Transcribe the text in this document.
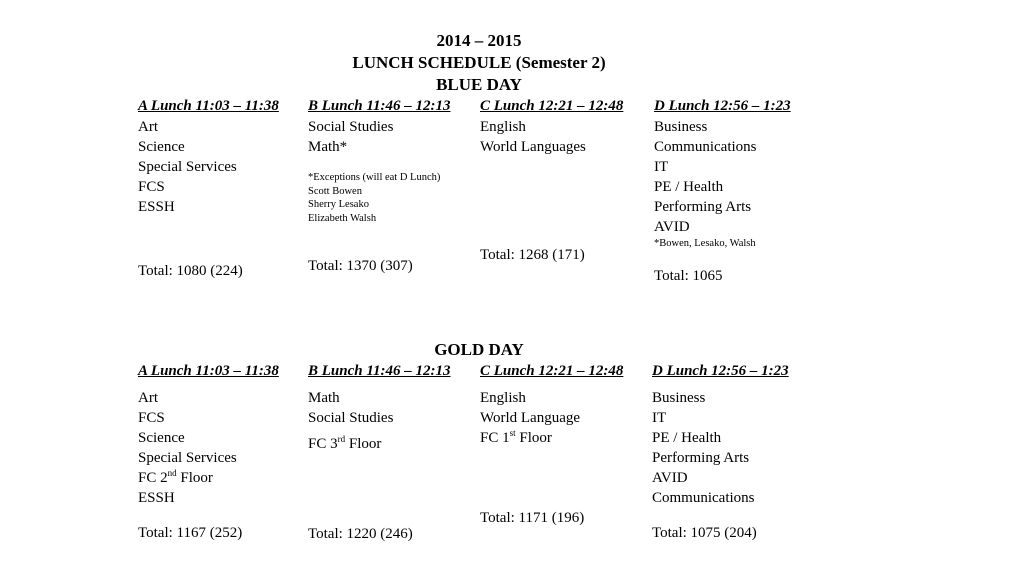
2014 – 2015
LUNCH SCHEDULE (Semester 2)
BLUE DAY
A Lunch 11:03 – 11:38 B Lunch 11:46 – 12:13 C Lunch 12:21 – 12:48 D Lunch 12:56 – 1:23
Art
Science
Special Services
FCS
ESSH
Total: 1080 (224)
Social Studies
Math*
*Exceptions (will eat D Lunch)
Scott Bowen
Sherry Lesako
Elizabeth Walsh
Total: 1370 (307)
English
World Languages
Total: 1268 (171)
Business
Communications
IT
PE / Health
Performing Arts
AVID
*Bowen, Lesako, Walsh
Total: 1065
GOLD DAY
A Lunch 11:03 – 11:38 B Lunch 11:46 – 12:13 C Lunch 12:21 – 12:48 D Lunch 12:56 – 1:23
Art
FCS
Science
Special Services
FC 2nd Floor
ESSH
Total: 1167 (252)
Math
Social Studies
FC 3rd Floor
Total: 1220 (246)
English
World Language
FC 1st Floor
Total: 1171 (196)
Business
IT
PE / Health
Performing Arts
AVID
Communications
Total: 1075 (204)
